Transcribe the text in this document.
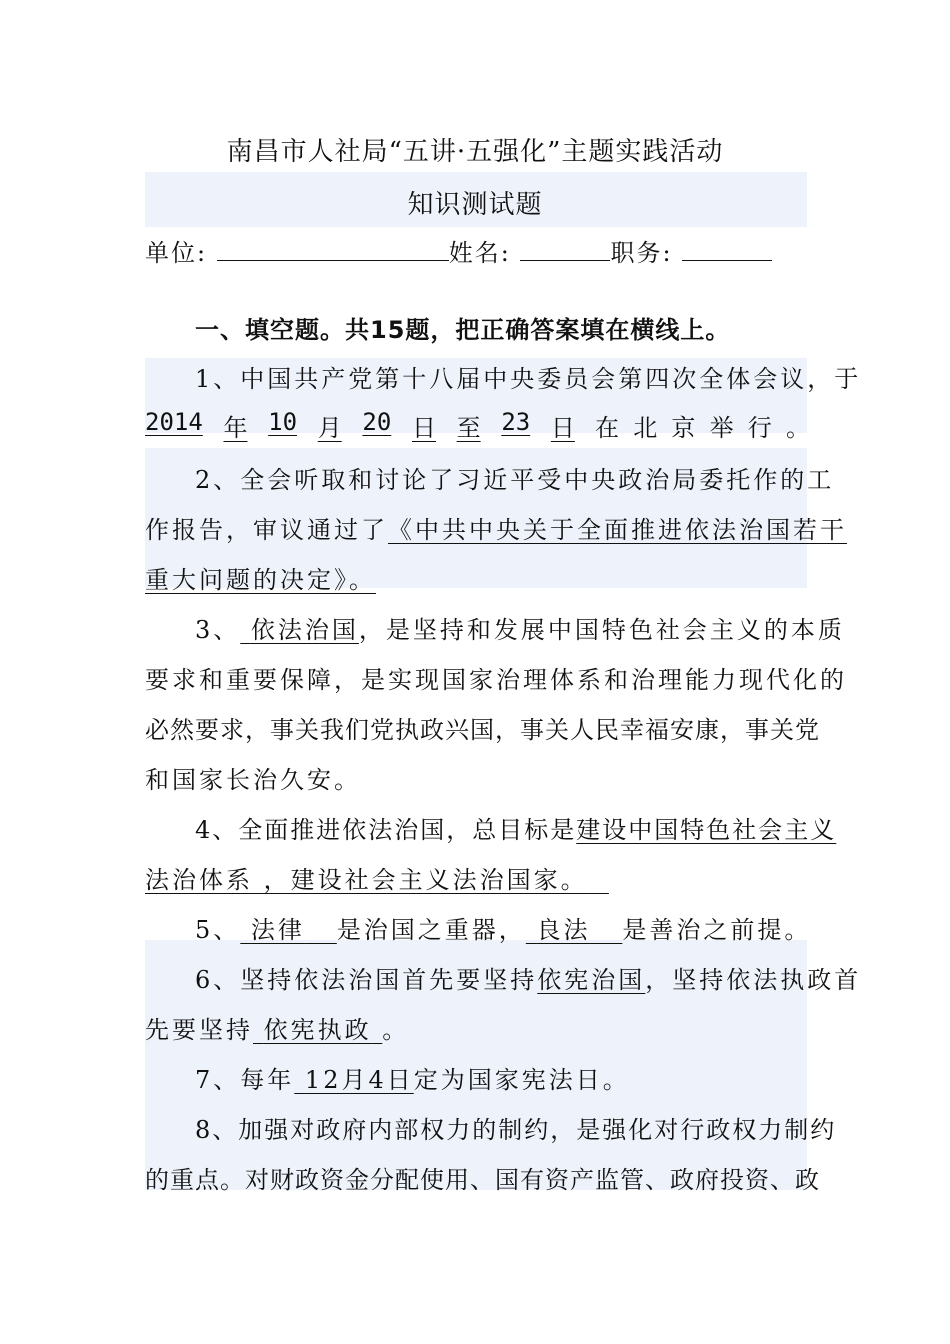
南昌市人社局“五讲·五强化”主题实践活动
知识测试题
单位:	姓名:	职务:
一、填空题。共15题，把正确答案填在横线上。
1、中国共产党第十八届中央委员会第四次全体会议，于
2014 年 10 月 20 日 至 23 日 在 北 京 举 行 。
2、全会听取和讨论了习近平受中央政治局委托作的工
作报告，审议通过了《中共中央关于全面推进依法治国若干
重大问题的决定》。
3、 依法治国，是坚持和发展中国特色社会主义的本质
要求和重要保障，是实现国家治理体系和治理能力现代化的
必然要求，事关我们党执政兴国，事关人民幸福安康，事关党
和国家长治久安。
4、全面推进依法治国，总目标是建设中国特色社会主义
法治体系 ，建设社会主义法治国家。
5、 法律 是治国之重器， 良法 是善治之前提。
6、坚持依法治国首先要坚持依宪治国，坚持依法执政首
先要坚持 依宪执政 。
7、每年 12月4日定为国家宪法日。
8、加强对政府内部权力的制约，是强化对行政权力制约
的重点。对财政资金分配使用、国有资产监管、政府投资、政
